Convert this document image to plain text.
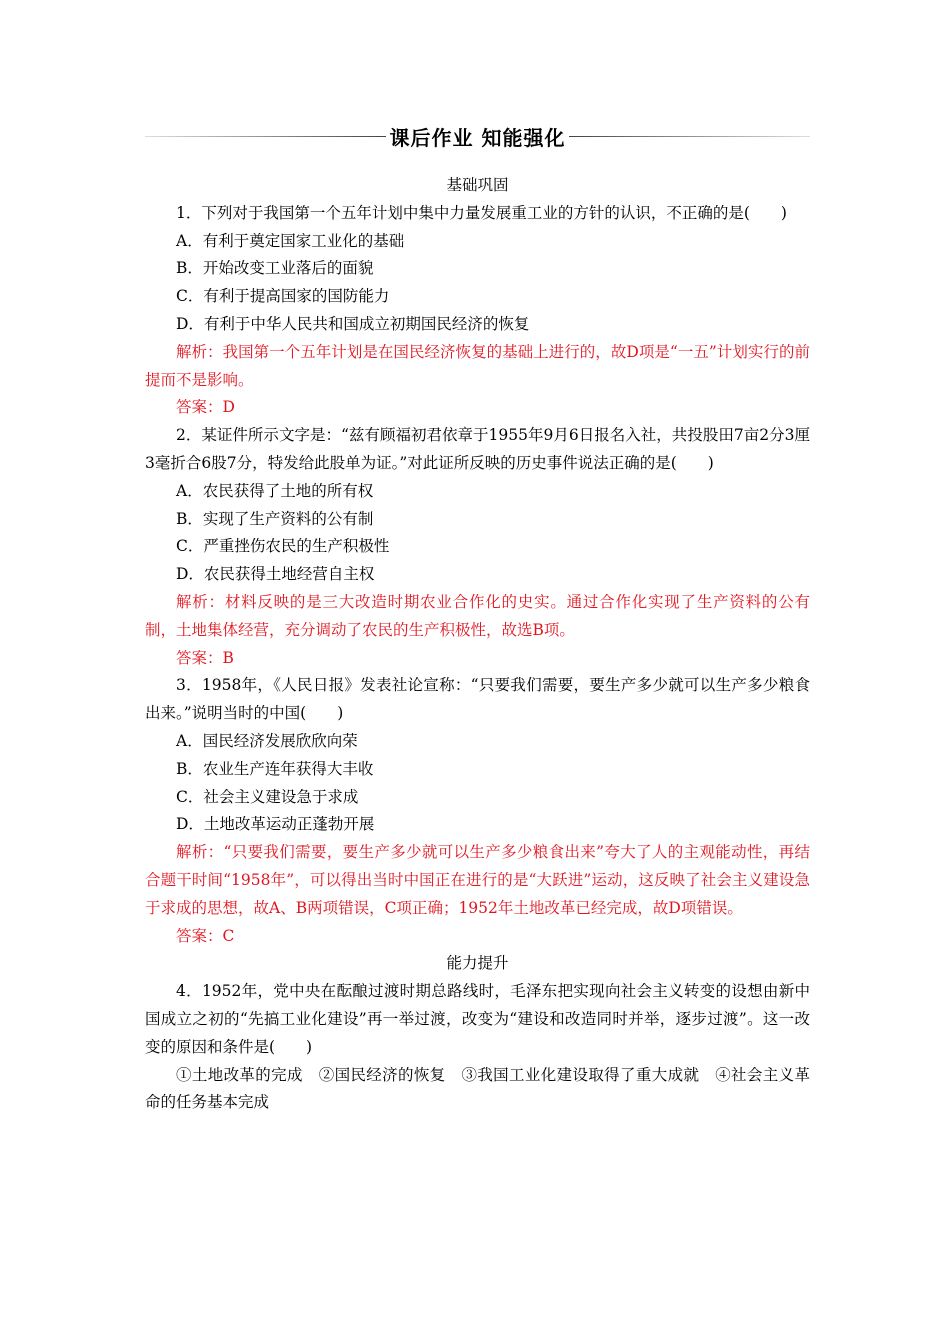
课后作业 知能强化

基础巩固

1．下列对于我国第一个五年计划中集中力量发展重工业的方针的认识，不正确的是(　　)

A．有利于奠定国家工业化的基础

B．开始改变工业落后的面貌

C．有利于提高国家的国防能力

D．有利于中华人民共和国成立初期国民经济的恢复

解析：我国第一个五年计划是在国民经济恢复的基础上进行的，故D项是“一五”计划实行的前提而不是影响。

答案：D

2．某证件所示文字是：“兹有顾福初君依章于1955年9月6日报名入社，共投股田7亩2分3厘3毫折合6股7分，特发给此股单为证。”对此证所反映的历史事件说法正确的是(　　)

A．农民获得了土地的所有权

B．实现了生产资料的公有制

C．严重挫伤农民的生产积极性

D．农民获得土地经营自主权

解析：材料反映的是三大改造时期农业合作化的史实。通过合作化实现了生产资料的公有制，土地集体经营，充分调动了农民的生产积极性，故选B项。

答案：B

3．1958年，《人民日报》发表社论宣称：“只要我们需要，要生产多少就可以生产多少粮食出来。”说明当时的中国(　　)

A．国民经济发展欣欣向荣

B．农业生产连年获得大丰收

C．社会主义建设急于求成

D．土地改革运动正蓬勃开展

解析：“只要我们需要，要生产多少就可以生产多少粮食出来”夸大了人的主观能动性，再结合题干时间“1958年”，可以得出当时中国正在进行的是“大跃进”运动，这反映了社会主义建设急于求成的思想，故A、B两项错误，C项正确；1952年土地改革已经完成，故D项错误。

答案：C

能力提升

4．1952年，党中央在酝酿过渡时期总路线时，毛泽东把实现向社会主义转变的设想由新中国成立之初的“先搞工业化建设”再一举过渡，改变为“建设和改造同时并举，逐步过渡”。这一改变的原因和条件是(　　)

①土地改革的完成　②国民经济的恢复　③我国工业化建设取得了重大成就　④社会主义革命的任务基本完成
